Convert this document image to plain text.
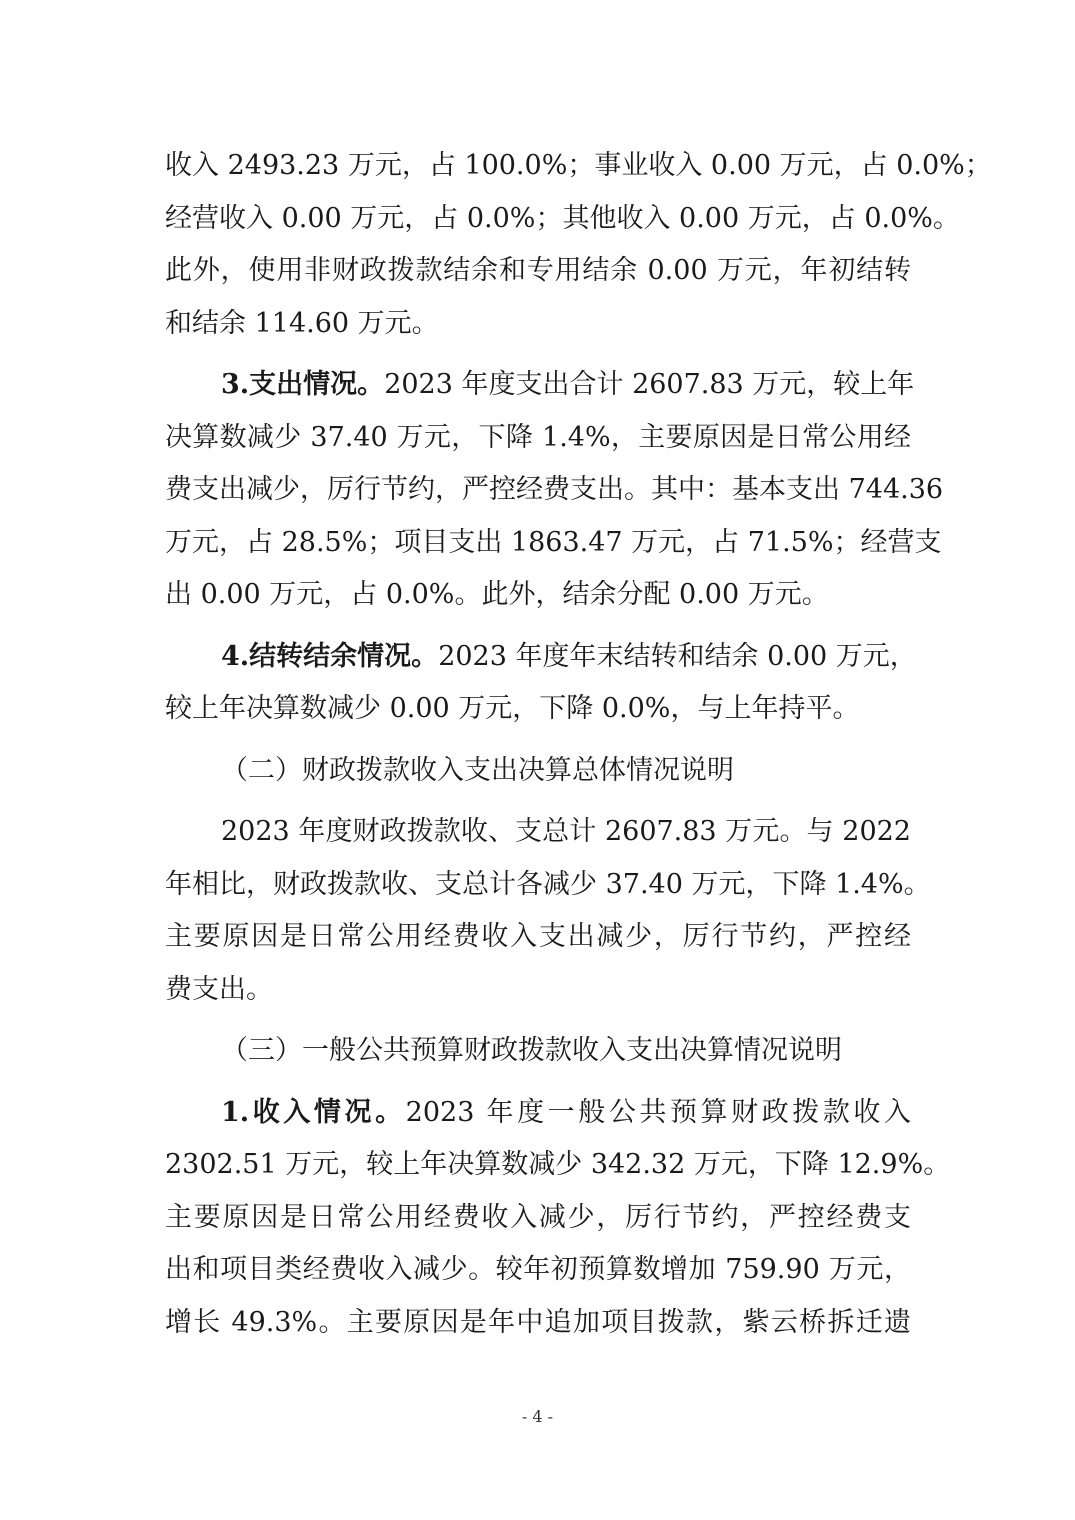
收入 2493.23 万元，占 100.0%；事业收入 0.00 万元，占 0.0%；
经营收入 0.00 万元，占 0.0%；其他收入 0.00 万元，占 0.0%。
此外，使用非财政拨款结余和专用结余 0.00 万元，年初结转
和结余 114.60 万元。
3.支出情况。2023 年度支出合计 2607.83 万元，较上年
决算数减少 37.40 万元，下降 1.4%，主要原因是日常公用经
费支出减少，厉行节约，严控经费支出。其中：基本支出 744.36
万元，占 28.5%；项目支出 1863.47 万元，占 71.5%；经营支
出 0.00 万元，占 0.0%。此外，结余分配 0.00 万元。
4.结转结余情况。2023 年度年末结转和结余 0.00 万元，
较上年决算数减少 0.00 万元，下降 0.0%，与上年持平。
（二）财政拨款收入支出决算总体情况说明
2023 年度财政拨款收、支总计 2607.83 万元。与 2022
年相比，财政拨款收、支总计各减少 37.40 万元，下降 1.4%。
主要原因是日常公用经费收入支出减少，厉行节约，严控经
费支出。
（三）一般公共预算财政拨款收入支出决算情况说明
1.收入情况。2023 年度一般公共预算财政拨款收入
2302.51 万元，较上年决算数减少 342.32 万元，下降 12.9%。
主要原因是日常公用经费收入减少，厉行节约，严控经费支
出和项目类经费收入减少。较年初预算数增加 759.90 万元，
增长 49.3%。主要原因是年中追加项目拨款，紫云桥拆迁遗
- 4 -
